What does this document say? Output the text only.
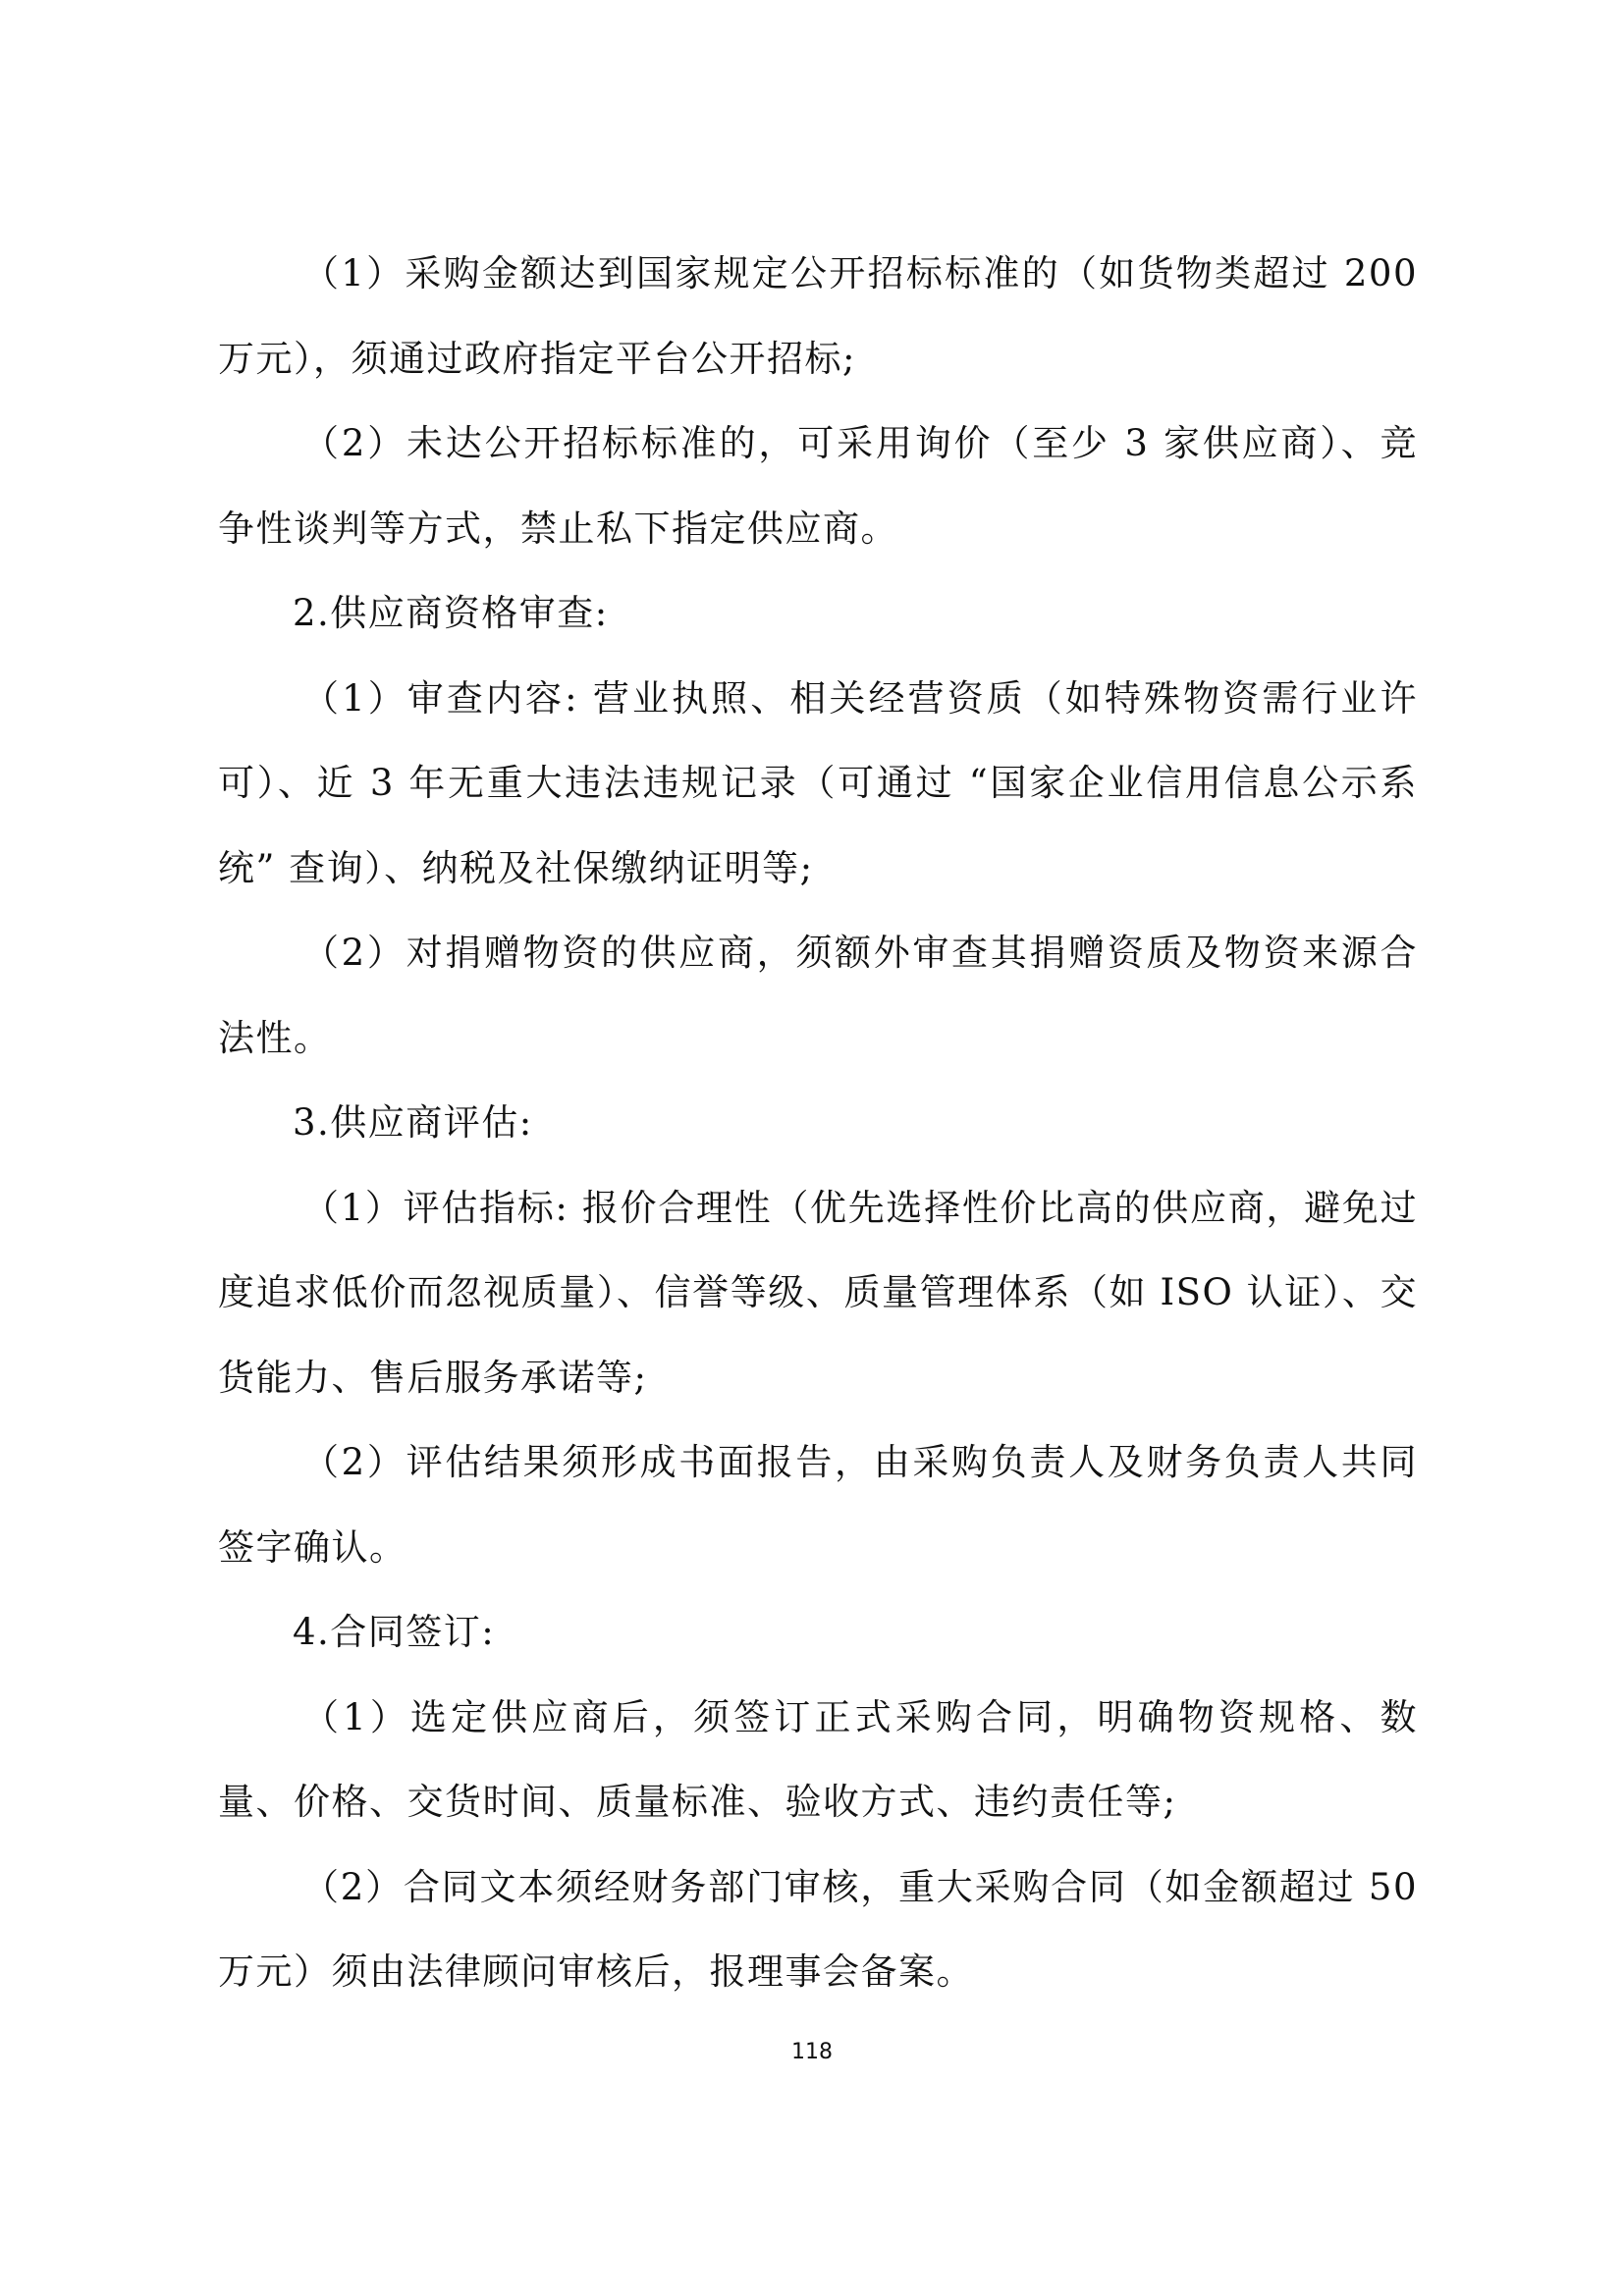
（1）采购金额达到国家规定公开招标标准的（如货物类超过 200 万元），须通过政府指定平台公开招标;

（2）未达公开招标标准的，可采用询价（至少 3 家供应商）、竞争性谈判等方式，禁止私下指定供应商。

2.供应商资格审查:

（1）审查内容: 营业执照、相关经营资质（如特殊物资需行业许可）、近 3 年无重大违法违规记录（可通过 “国家企业信用信息公示系统” 查询）、纳税及社保缴纳证明等;

（2）对捐赠物资的供应商，须额外审查其捐赠资质及物资来源合法性。

3.供应商评估:

（1）评估指标: 报价合理性（优先选择性价比高的供应商，避免过度追求低价而忽视质量）、信誉等级、质量管理体系（如 ISO 认证）、交货能力、售后服务承诺等;

（2）评估结果须形成书面报告，由采购负责人及财务负责人共同签字确认。

4.合同签订:

（1）选定供应商后，须签订正式采购合同，明确物资规格、数量、价格、交货时间、质量标准、验收方式、违约责任等;

（2）合同文本须经财务部门审核，重大采购合同（如金额超过 50 万元）须由法律顾问审核后，报理事会备案。

118
